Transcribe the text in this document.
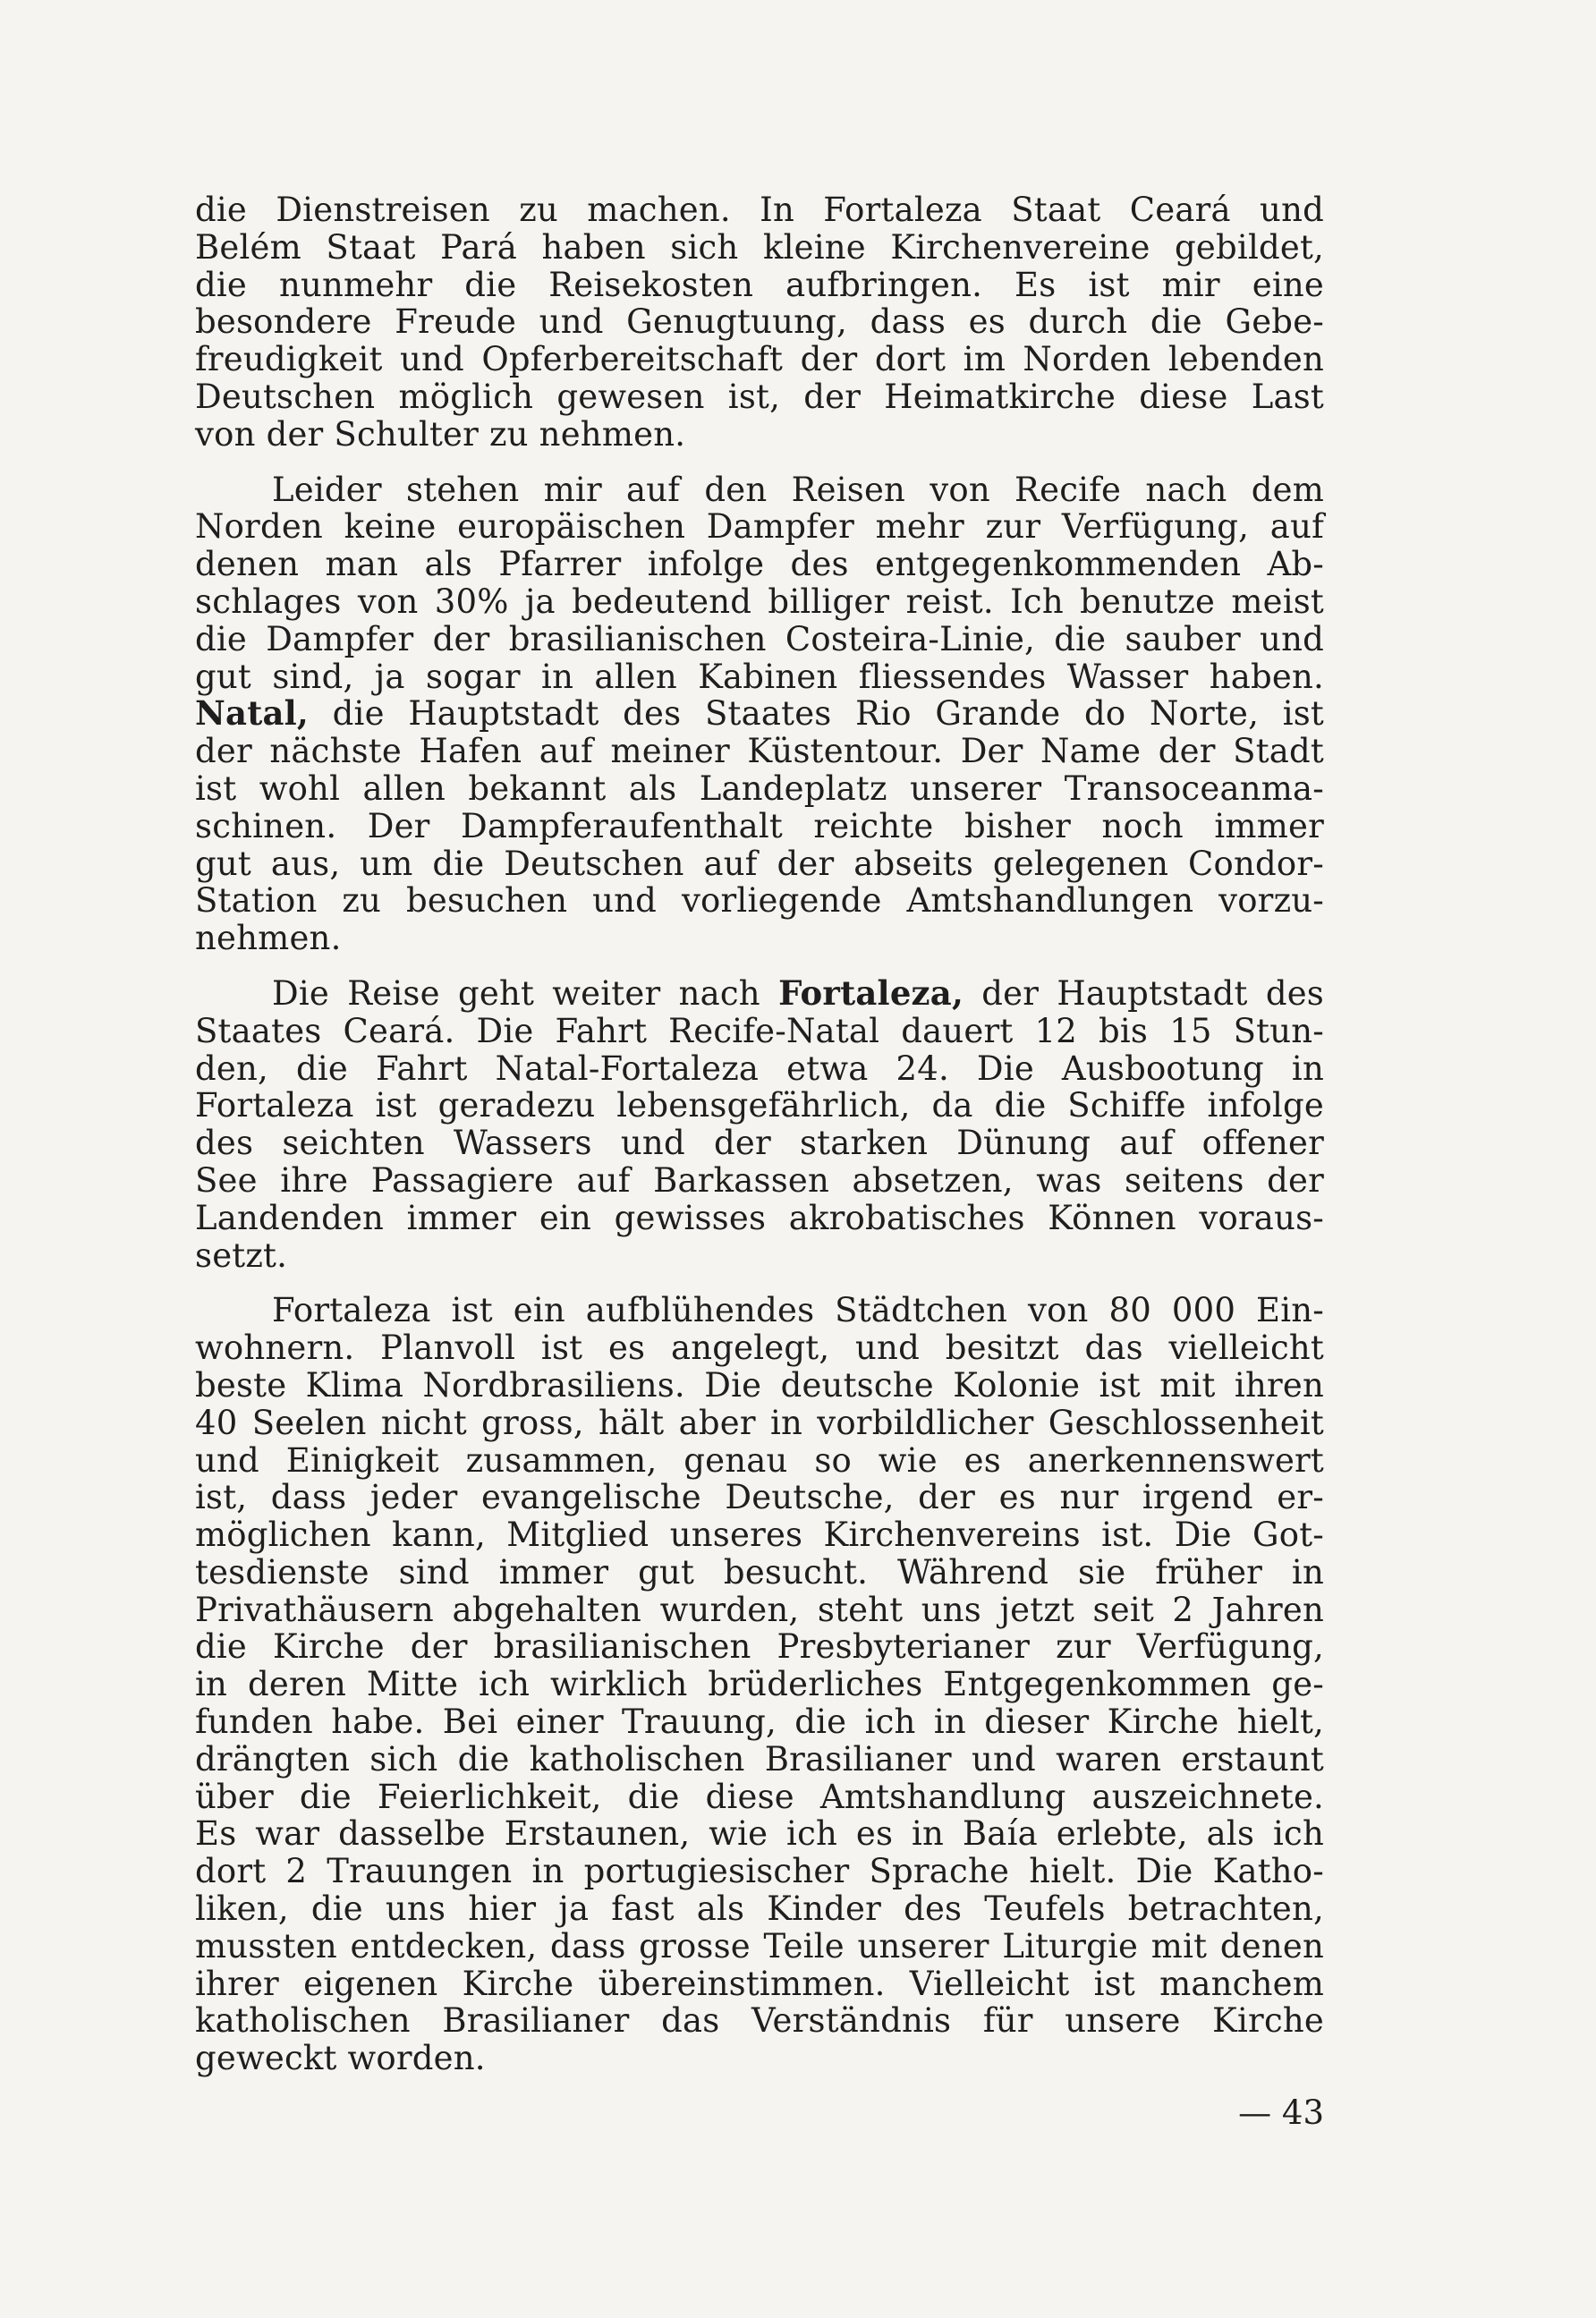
die Dienstreisen zu machen. In Fortaleza Staat Ceará und
Belém Staat Pará haben sich kleine Kirchenvereine gebildet,
die nunmehr die Reisekosten aufbringen. Es ist mir eine
besondere Freude und Genugtuung, dass es durch die Gebe-
freudigkeit und Opferbereitschaft der dort im Norden lebenden
Deutschen möglich gewesen ist, der Heimatkirche diese Last
von der Schulter zu nehmen.
Leider stehen mir auf den Reisen von Recife nach dem
Norden keine europäischen Dampfer mehr zur Verfügung, auf
denen man als Pfarrer infolge des entgegenkommenden Ab-
schlages von 30% ja bedeutend billiger reist. Ich benutze meist
die Dampfer der brasilianischen Costeira-Linie, die sauber und
gut sind, ja sogar in allen Kabinen fliessendes Wasser haben.
Natal, die Hauptstadt des Staates Rio Grande do Norte, ist
der nächste Hafen auf meiner Küstentour. Der Name der Stadt
ist wohl allen bekannt als Landeplatz unserer Transoceanma-
schinen. Der Dampferaufenthalt reichte bisher noch immer
gut aus, um die Deutschen auf der abseits gelegenen Condor-
Station zu besuchen und vorliegende Amtshandlungen vorzu-
nehmen.
Die Reise geht weiter nach Fortaleza, der Hauptstadt des
Staates Ceará. Die Fahrt Recife-Natal dauert 12 bis 15 Stun-
den, die Fahrt Natal-Fortaleza etwa 24. Die Ausbootung in
Fortaleza ist geradezu lebensgefährlich, da die Schiffe infolge
des seichten Wassers und der starken Dünung auf offener
See ihre Passagiere auf Barkassen absetzen, was seitens der
Landenden immer ein gewisses akrobatisches Können voraus-
setzt.
Fortaleza ist ein aufblühendes Städtchen von 80 000 Ein-
wohnern. Planvoll ist es angelegt, und besitzt das vielleicht
beste Klima Nordbrasiliens. Die deutsche Kolonie ist mit ihren
40 Seelen nicht gross, hält aber in vorbildlicher Geschlossenheit
und Einigkeit zusammen, genau so wie es anerkennenswert
ist, dass jeder evangelische Deutsche, der es nur irgend er-
möglichen kann, Mitglied unseres Kirchenvereins ist. Die Got-
tesdienste sind immer gut besucht. Während sie früher in
Privathäusern abgehalten wurden, steht uns jetzt seit 2 Jahren
die Kirche der brasilianischen Presbyterianer zur Verfügung,
in deren Mitte ich wirklich brüderliches Entgegenkommen ge-
funden habe. Bei einer Trauung, die ich in dieser Kirche hielt,
drängten sich die katholischen Brasilianer und waren erstaunt
über die Feierlichkeit, die diese Amtshandlung auszeichnete.
Es war dasselbe Erstaunen, wie ich es in Baía erlebte, als ich
dort 2 Trauungen in portugiesischer Sprache hielt. Die Katho-
liken, die uns hier ja fast als Kinder des Teufels betrachten,
mussten entdecken, dass grosse Teile unserer Liturgie mit denen
ihrer eigenen Kirche übereinstimmen. Vielleicht ist manchem
katholischen Brasilianer das Verständnis für unsere Kirche
geweckt worden.
— 43
